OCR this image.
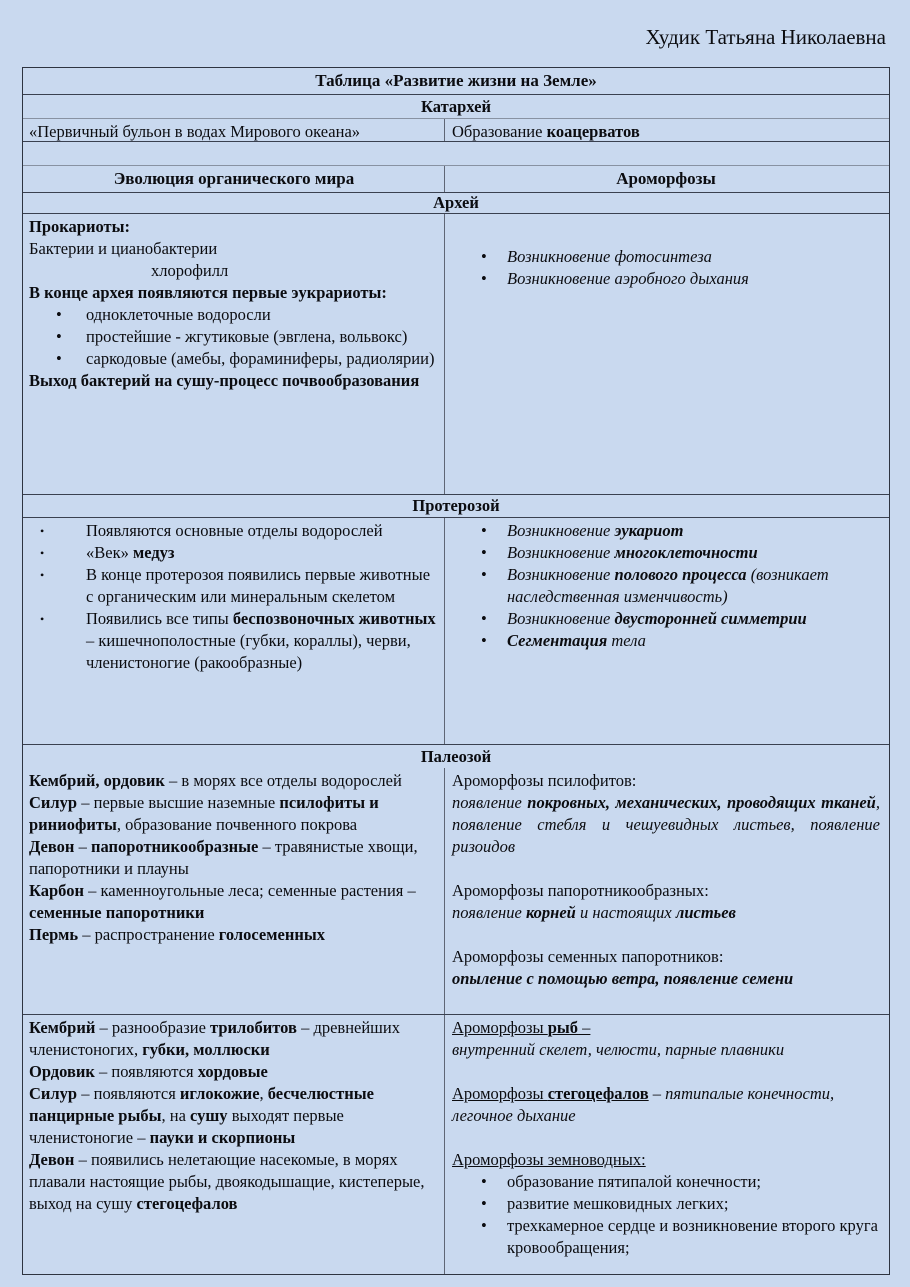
Худик Татьяна Николаевна
Таблица «Развитие жизни на Земле»
Катархей

«Первичный бульон в водах Мирового океана»	Образование коацерватов

Эволюция органического мира	Ароморфозы
Архей

Прокариоты:

Бактерии и цианобактерии

хлорофилл

В конце архея появляются первые эукрариоты:

• одноклеточные водоросли
• простейшие - жгутиковые (эвглена, вольвокс)
• саркодовые (амебы, фораминиферы, радиолярии)

Выход бактерий на сушу-процесс почвообразования

• Возникновение фотосинтеза
• Возникновение аэробного дыхания
Протерозой
• Появляются основные отделы водорослей
• «Век» медуз
• В конце протерозоя появились первые животные с органическим или минеральным скелетом
• Появились все типы беспозвоночных животных – кишечнополостные (губки, кораллы), черви, членистоногие (ракообразные)
• Возникновение эукариот
• Возникновение многоклеточности
• Возникновение полового процесса (возникает наследственная изменчивость)
• Возникновение двусторонней симметрии
• Сегментация тела
Палеозой

Кембрий, ордовик – в морях все отделы водорослей

Силур – первые высшие наземные псилофиты и риниофиты, образование почвенного покрова

Девон – папоротникообразные – травянистые хвощи, папоротники и плауны

Карбон – каменноугольные леса; семенные растения – семенные папоротники

Пермь – распространение голосеменных

Ароморфозы псилофитов:

появление покровных, механических, проводящих тканей, появление стебля и чешуевидных листьев, появление ризоидов

Ароморфозы папоротникообразных:

появление корней и настоящих листьев

Ароморфозы семенных папоротников:

опыление с помощью ветра, появление семени

Кембрий – разнообразие трилобитов – древнейших членистоногих, губки, моллюски

Ордовик – появляются хордовые

Силур – появляются иглокожие, бесчелюстные панцирные рыбы, на сушу выходят первые членистоногие – пауки и скорпионы

Девон – появились нелетающие насекомые, в морях плавали настоящие рыбы, двоякодышащие, кистеперые, выход на сушу стегоцефалов

Ароморфозы рыб –

внутренний скелет, челюсти, парные плавники

Ароморфозы стегоцефалов – пятипалые конечности, легочное дыхание

Ароморфозы земноводных:

• образование пятипалой конечности;
• развитие мешковидных легких;
• трехкамерное сердце и возникновение второго круга кровообращения;
